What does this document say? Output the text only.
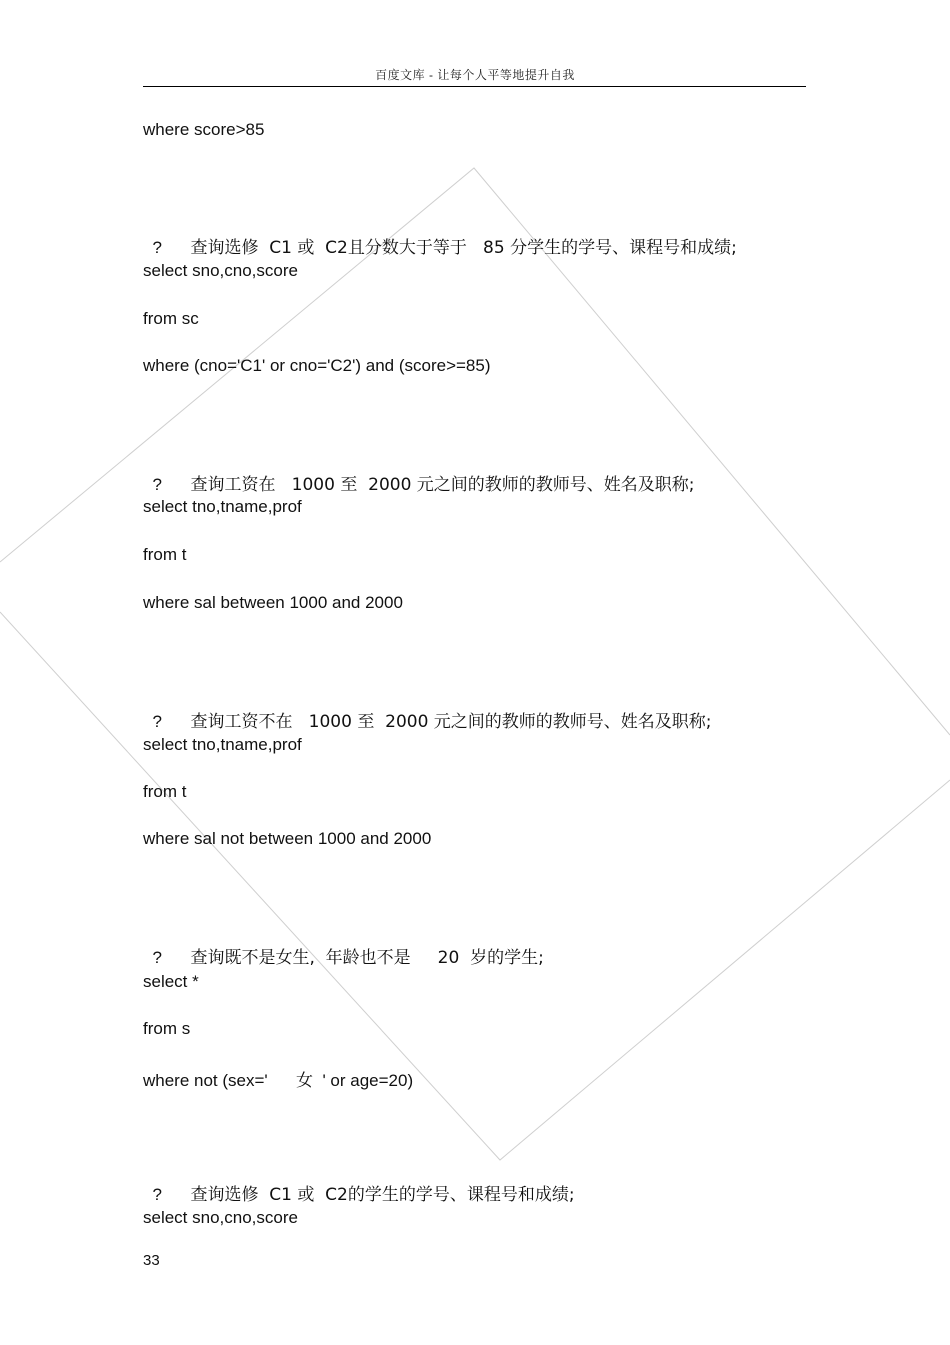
百度文库 - 让每个人平等地提升自我
where score>85

? 查询选修  C1 或  C2且分数大于等于   85 分学生的学号、课程号和成绩;

select sno,cno,score
from sc
where (cno='C1' or cno='C2') and (score>=85)

? 查询工资在   1000 至  2000 元之间的教师的教师号、姓名及职称;

select tno,tname,prof
from t
where sal between 1000 and 2000

? 查询工资不在   1000 至  2000 元之间的教师的教师号、姓名及职称;

select tno,tname,prof
from t
where sal not between 1000 and 2000

? 查询既不是女生,  年龄也不是     20  岁的学生;

select *
from s
where not (sex='      女  ' or age=20)

? 查询选修  C1 或  C2的学生的学号、课程号和成绩;

select sno,cno,score
33
